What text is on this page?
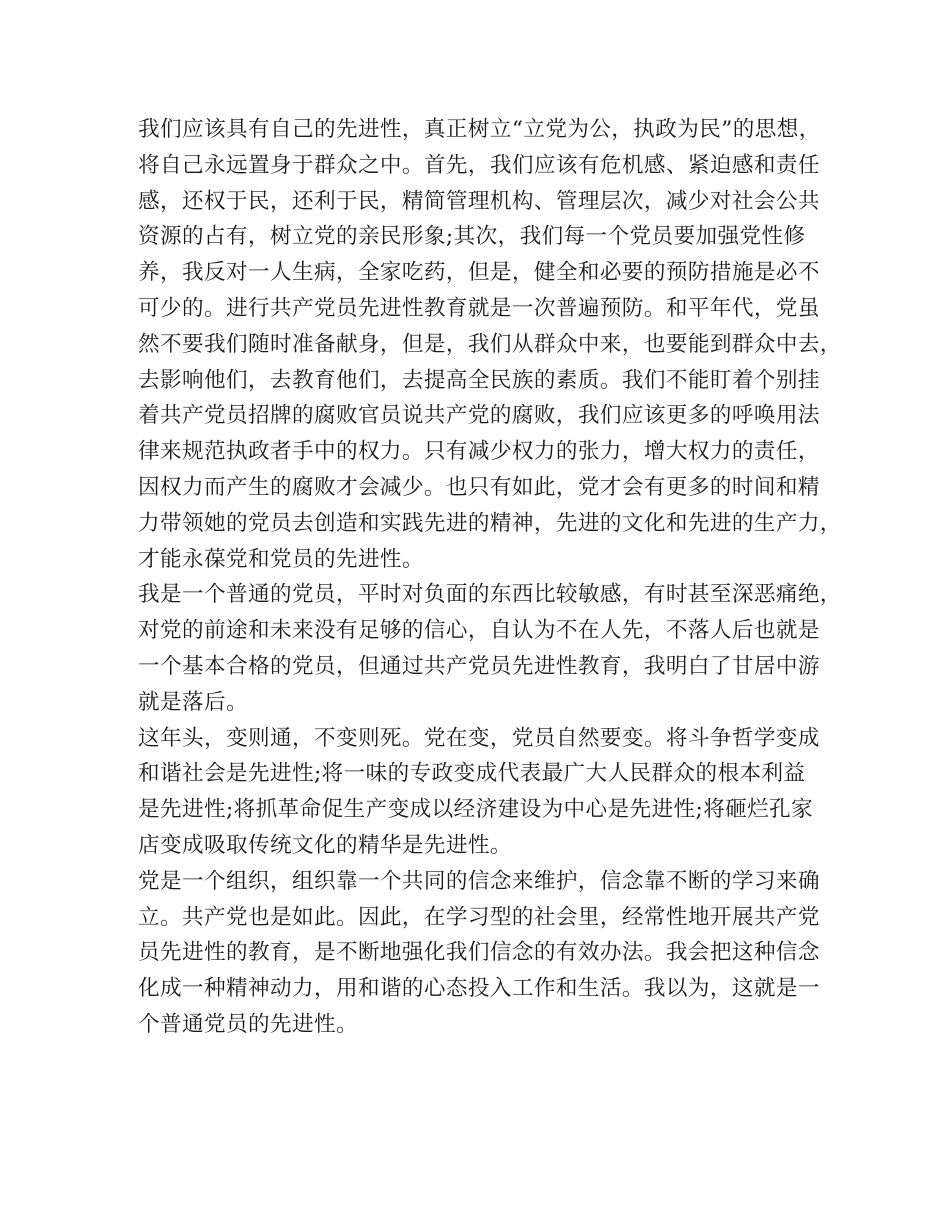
我们应该具有自己的先进性，真正树立“立党为公，执政为民”的思想，
将自己永远置身于群众之中。首先，我们应该有危机感、紧迫感和责任
感，还权于民，还利于民，精简管理机构、管理层次，减少对社会公共
资源的占有，树立党的亲民形象;其次，我们每一个党员要加强党性修
养，我反对一人生病，全家吃药，但是，健全和必要的预防措施是必不
可少的。进行共产党员先进性教育就是一次普遍预防。和平年代，党虽
然不要我们随时准备献身，但是，我们从群众中来，也要能到群众中去，
去影响他们，去教育他们，去提高全民族的素质。我们不能盯着个别挂
着共产党员招牌的腐败官员说共产党的腐败，我们应该更多的呼唤用法
律来规范执政者手中的权力。只有减少权力的张力，增大权力的责任，
因权力而产生的腐败才会减少。也只有如此，党才会有更多的时间和精
力带领她的党员去创造和实践先进的精神，先进的文化和先进的生产力，
才能永葆党和党员的先进性。
我是一个普通的党员，平时对负面的东西比较敏感，有时甚至深恶痛绝，
对党的前途和未来没有足够的信心，自认为不在人先，不落人后也就是
一个基本合格的党员，但通过共产党员先进性教育，我明白了甘居中游
就是落后。
这年头，变则通，不变则死。党在变，党员自然要变。将斗争哲学变成
和谐社会是先进性;将一味的专政变成代表最广大人民群众的根本利益
是先进性;将抓革命促生产变成以经济建设为中心是先进性;将砸烂孔家
店变成吸取传统文化的精华是先进性。
党是一个组织，组织靠一个共同的信念来维护，信念靠不断的学习来确
立。共产党也是如此。因此，在学习型的社会里，经常性地开展共产党
员先进性的教育，是不断地强化我们信念的有效办法。我会把这种信念
化成一种精神动力，用和谐的心态投入工作和生活。我以为，这就是一
个普通党员的先进性。
